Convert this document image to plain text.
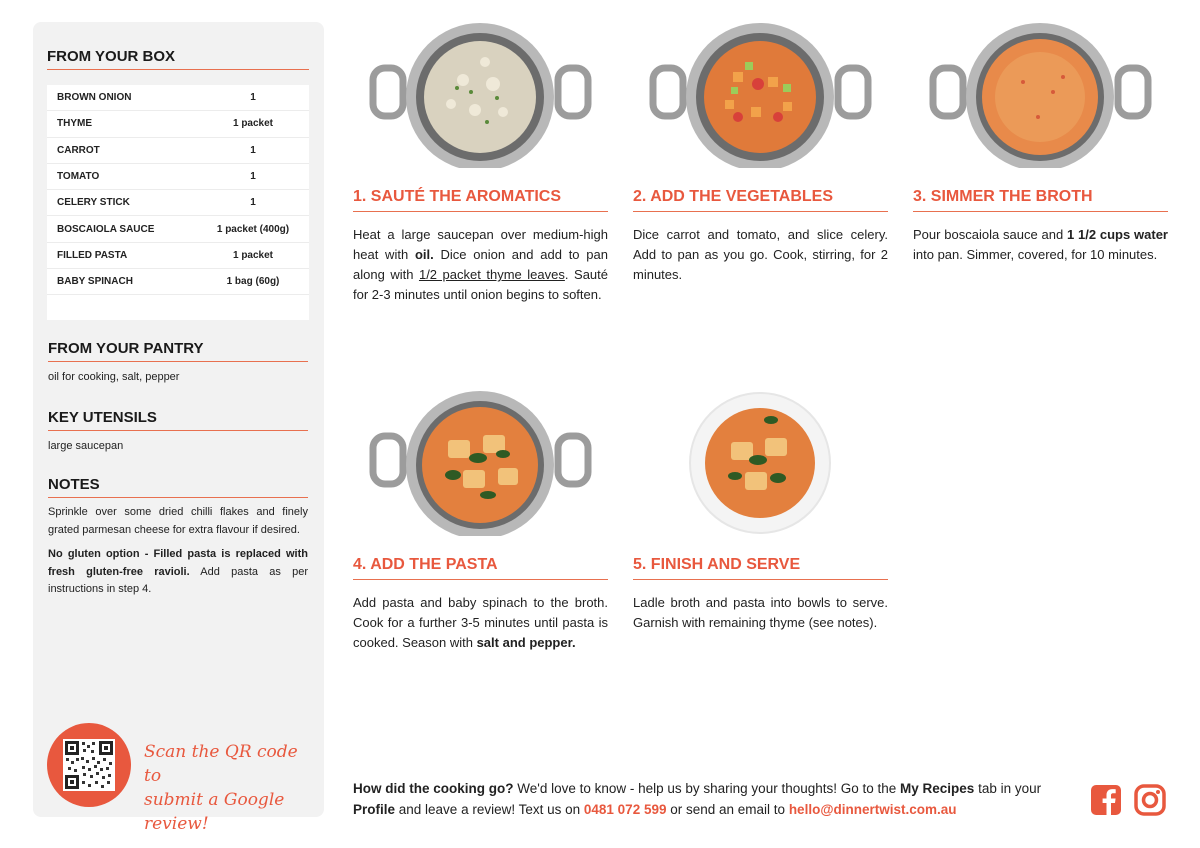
FROM YOUR BOX
BROWN ONION	1
THYME	1 packet
CARROT	1
TOMATO	1
CELERY STICK	1
BOSCAIOLA SAUCE	1 packet (400g)
FILLED PASTA	1 packet
BABY SPINACH	1 bag (60g)
FROM YOUR PANTRY
oil for cooking, salt, pepper
KEY UTENSILS
large saucepan
NOTES

Sprinkle over some dried chilli flakes and finely grated parmesan cheese for extra flavour if desired.

No gluten option - Filled pasta is replaced with fresh gluten-free ravioli. Add pasta as per instructions in step 4.

Scan the QR code to
submit a Google review!
1. SAUTÉ THE AROMATICS
Heat a large saucepan over medium-high heat with oil. Dice onion and add to pan along with 1/2 packet thyme leaves. Sauté for 2-3 minutes until onion begins to soften.
2. ADD THE VEGETABLES
Dice carrot and tomato, and slice celery. Add to pan as you go. Cook, stirring, for 2 minutes.
3. SIMMER THE BROTH
Pour boscaiola sauce and 1 1/2 cups water into pan. Simmer, covered, for 10 minutes.
4. ADD THE PASTA
Add pasta and baby spinach to the broth. Cook for a further 3-5 minutes until pasta is cooked. Season with salt and pepper.
5. FINISH AND SERVE
Ladle broth and pasta into bowls to serve. Garnish with remaining thyme (see notes).
How did the cooking go? We'd love to know - help us by sharing your thoughts! Go to the My Recipes tab in your Profile and leave a review! Text us on 0481 072 599 or send an email to hello@dinnertwist.com.au
